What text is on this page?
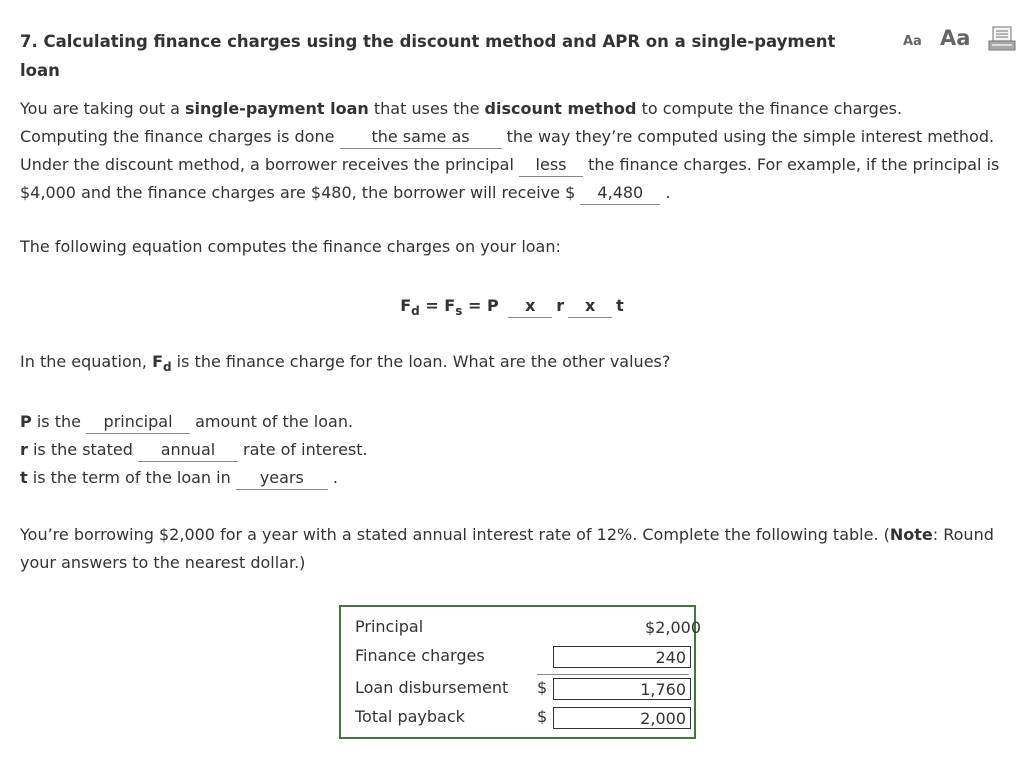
7. Calculating finance charges using the discount method and APR on a single-payment loan
Aa Aa
You are taking out a single-payment loan that uses the discount method to compute the finance charges.
Computing the finance charges is done the same as the way they’re computed using the simple interest method. Under the discount method, a borrower receives the principal less the finance charges. For example, if the principal is $4,000 and the finance charges are $480, the borrower will receive $ 4,480 .
The following equation computes the finance charges on your loan:
$F_d = F_s = P$ x r x t
In the equation, $F_d$ is the finance charge for the loan. What are the other values?
P is the principal amount of the loan.
r is the stated annual rate of interest.
t is the term of the loan in years .
You’re borrowing $2,000 for a year with a stated annual interest rate of 12%. Complete the following table. (Note: Round your answers to the nearest dollar.)
Principal	$2,000
Finance charges	240
Loan disbursement $	1,760
Total payback	$	2,000
